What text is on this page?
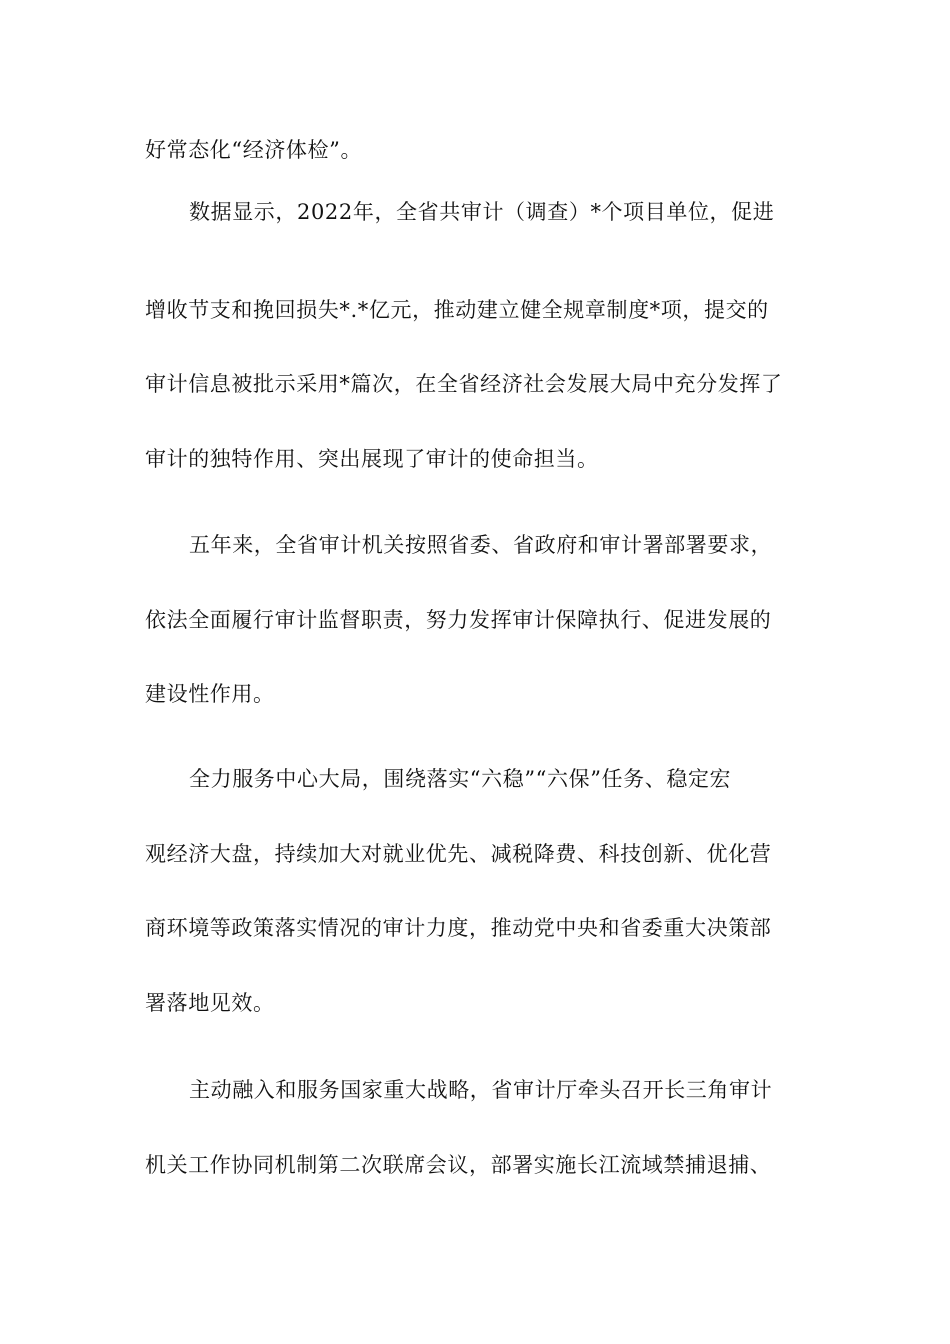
好常态化“经济体检”。
数据显示，2022年，全省共审计（调查）*个项目单位，促进
增收节支和挽回损失*.*亿元，推动建立健全规章制度*项，提交的
审计信息被批示采用*篇次，在全省经济社会发展大局中充分发挥了
审计的独特作用、突出展现了审计的使命担当。
五年来，全省审计机关按照省委、省政府和审计署部署要求，
依法全面履行审计监督职责，努力发挥审计保障执行、促进发展的
建设性作用。
全力服务中心大局，围绕落实“六稳”“六保”任务、稳定宏
观经济大盘，持续加大对就业优先、减税降费、科技创新、优化营
商环境等政策落实情况的审计力度，推动党中央和省委重大决策部
署落地见效。
主动融入和服务国家重大战略，省审计厅牵头召开长三角审计
机关工作协同机制第二次联席会议，部署实施长江流域禁捕退捕、
